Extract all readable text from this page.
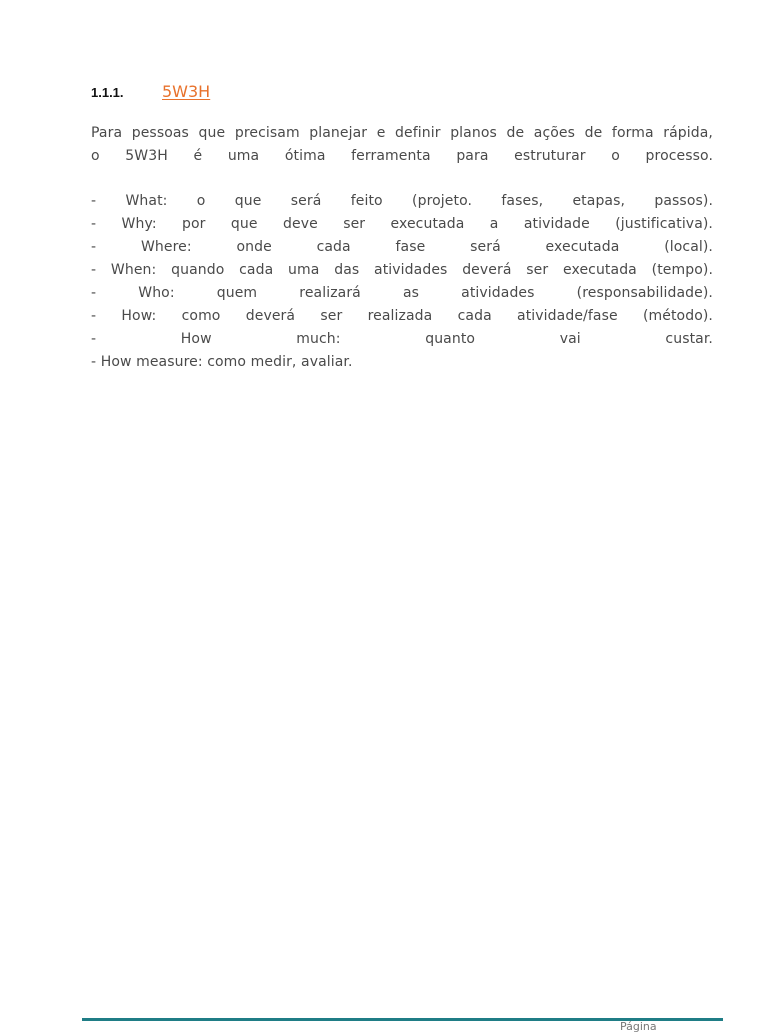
1.1.1.	5W3H
Para pessoas que precisam planejar e definir planos de ações de forma rápida,
o 5W3H é uma ótima ferramenta para estruturar o processo.
- What: o que será feito (projeto. fases, etapas, passos).
- Why: por que deve ser executada a atividade (justificativa).
- Where: onde cada fase será executada (local).
- When: quando cada uma das atividades deverá ser executada (tempo).
- Who: quem realizará as atividades (responsabilidade).
- How: como deverá ser realizada cada atividade/fase (método).
- How much: quanto vai custar.
- How measure: como medir, avaliar.
Página
